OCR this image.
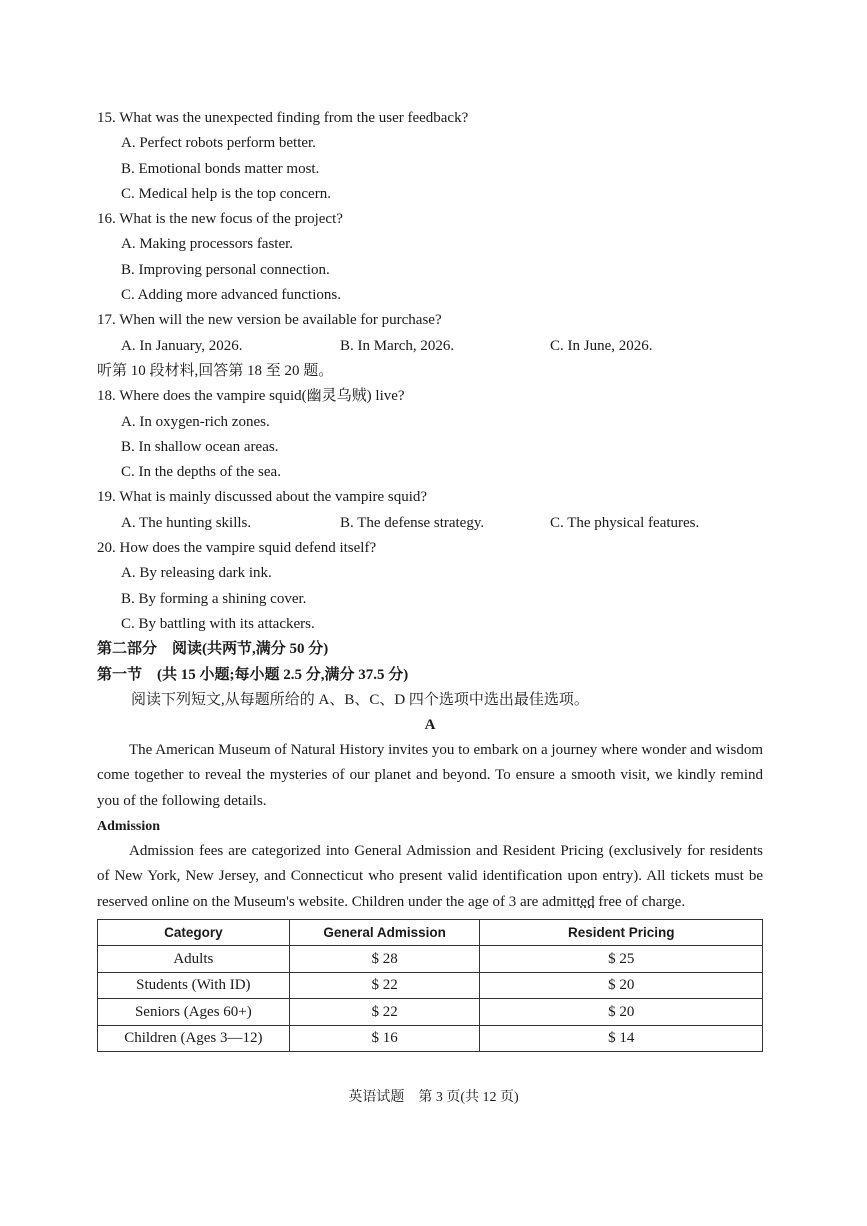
15. What was the unexpected finding from the user feedback?
A. Perfect robots perform better.
B. Emotional bonds matter most.
C. Medical help is the top concern.
16. What is the new focus of the project?
A. Making processors faster.
B. Improving personal connection.
C. Adding more advanced functions.
17. When will the new version be available for purchase?
A. In January, 2026.	B. In March, 2026.	C. In June, 2026.
听第 10 段材料,回答第 18 至 20 题。
18. Where does the vampire squid(幽灵乌贼) live?
A. In oxygen-rich zones.
B. In shallow ocean areas.
C. In the depths of the sea.
19. What is mainly discussed about the vampire squid?
A. The hunting skills.	B. The defense strategy.	C. The physical features.
20. How does the vampire squid defend itself?
A. By releasing dark ink.
B. By forming a shining cover.
C. By battling with its attackers.
第二部分　阅读(共两节,满分 50 分)
第一节　(共 15 小题;每小题 2.5 分,满分 37.5 分)
阅读下列短文,从每题所给的 A、B、C、D 四个选项中选出最佳选项。
A
The American Museum of Natural History invites you to embark on a journey where wonder and wisdom come together to reveal the mysteries of our planet and beyond. To ensure a smooth visit, we kindly remind you of the following details.
Admission
Admission fees are categorized into General Admission and Resident Pricing (exclusively for residents of New York, New Jersey, and Connecticut who present valid identification upon entry). All tickets must be reserved online on the Museum's website. Children under the age of 3 are admitted free of charge.
Category	General Admission	Resident Pricing
Adults	$ 28	$ 25
Students (With ID)	$ 22	$ 20
Seniors (Ages 60+)	$ 22	$ 20
Children (Ages 3—12)	$ 16	$ 14
英语试题　第 3 页(共 12 页)
